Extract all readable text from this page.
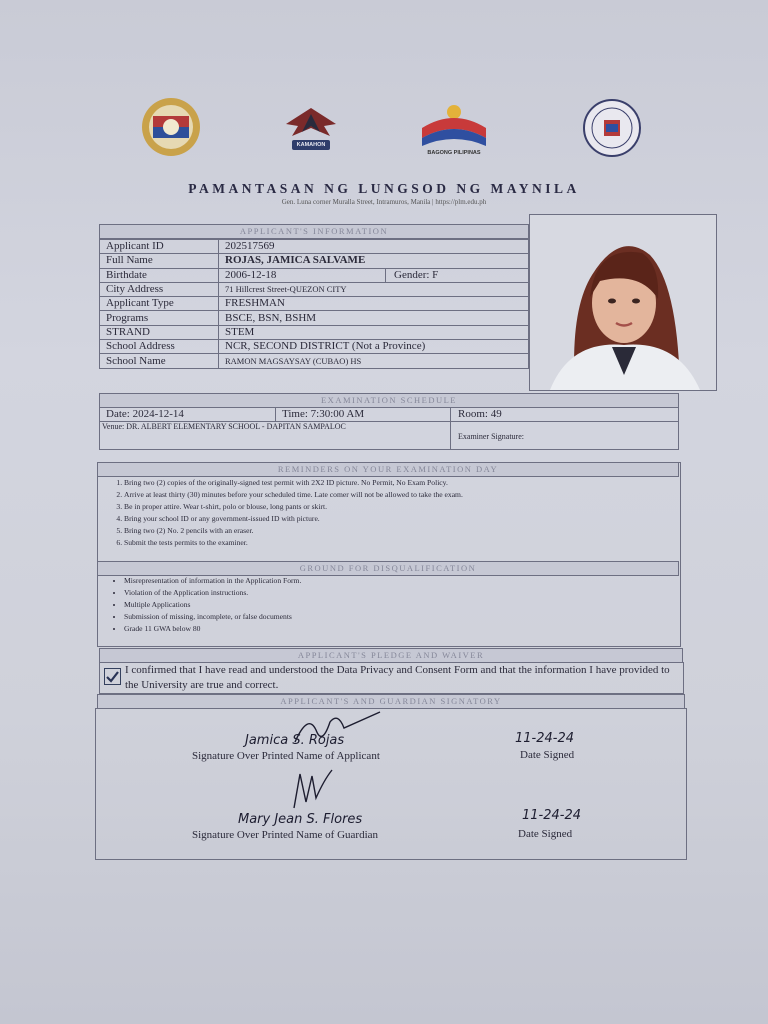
KAMAHON
BAGONG PILIPINAS
PAMANTASAN NG LUNGSOD NG MAYNILA
Gen. Luna corner Muralla Street, Intramuros, Manila | https://plm.edu.ph
APPLICANT'S INFORMATION
Applicant ID	202517569
Full Name	ROJAS, JAMICA SALVAME
Birthdate	2006-12-18 Gender: F

City Address	71 Hillcrest Street-QUEZON CITY
Applicant Type	FRESHMAN
Programs	BSCE, BSN, BSHM
STRAND	STEM
School Address	NCR, SECOND DISTRICT (Not a Province)
School Name	RAMON MAGSAYSAY (CUBAO) HS
EXAMINATION SCHEDULE
Date: 2024-12-14	Time: 7:30:00 AM	Room: 49
Venue: DR. ALBERT ELEMENTARY SCHOOL - DAPITAN SAMPALOC
Examiner Signature:
REMINDERS ON YOUR EXAMINATION DAY
1. Bring two (2) copies of the originally-signed test permit with 2X2 ID picture. No Permit, No Exam Policy.
2. Arrive at least thirty (30) minutes before your scheduled time. Late comer will not be allowed to take the exam.
3. Be in proper attire. Wear t-shirt, polo or blouse, long pants or skirt.
4. Bring your school ID or any government-issued ID with picture.
5. Bring two (2) No. 2 pencils with an eraser.
6. Submit the tests permits to the examiner.
GROUND FOR DISQUALIFICATION
• Misrepresentation of information in the Application Form.
• Violation of the Application instructions.
• Multiple Applications
• Submission of missing, incomplete, or false documents
• Grade 11 GWA below 80
APPLICANT'S PLEDGE AND WAIVER
I confirmed that I have read and understood the Data Privacy and Consent Form and that the information I have provided to the University are true and correct.
APPLICANT'S AND GUARDIAN SIGNATORY
Jamica S. Rojas
Signature Over Printed Name of Applicant
11-24-24
Date Signed
Mary Jean S. Flores
Signature Over Printed Name of Guardian
11-24-24
Date Signed
